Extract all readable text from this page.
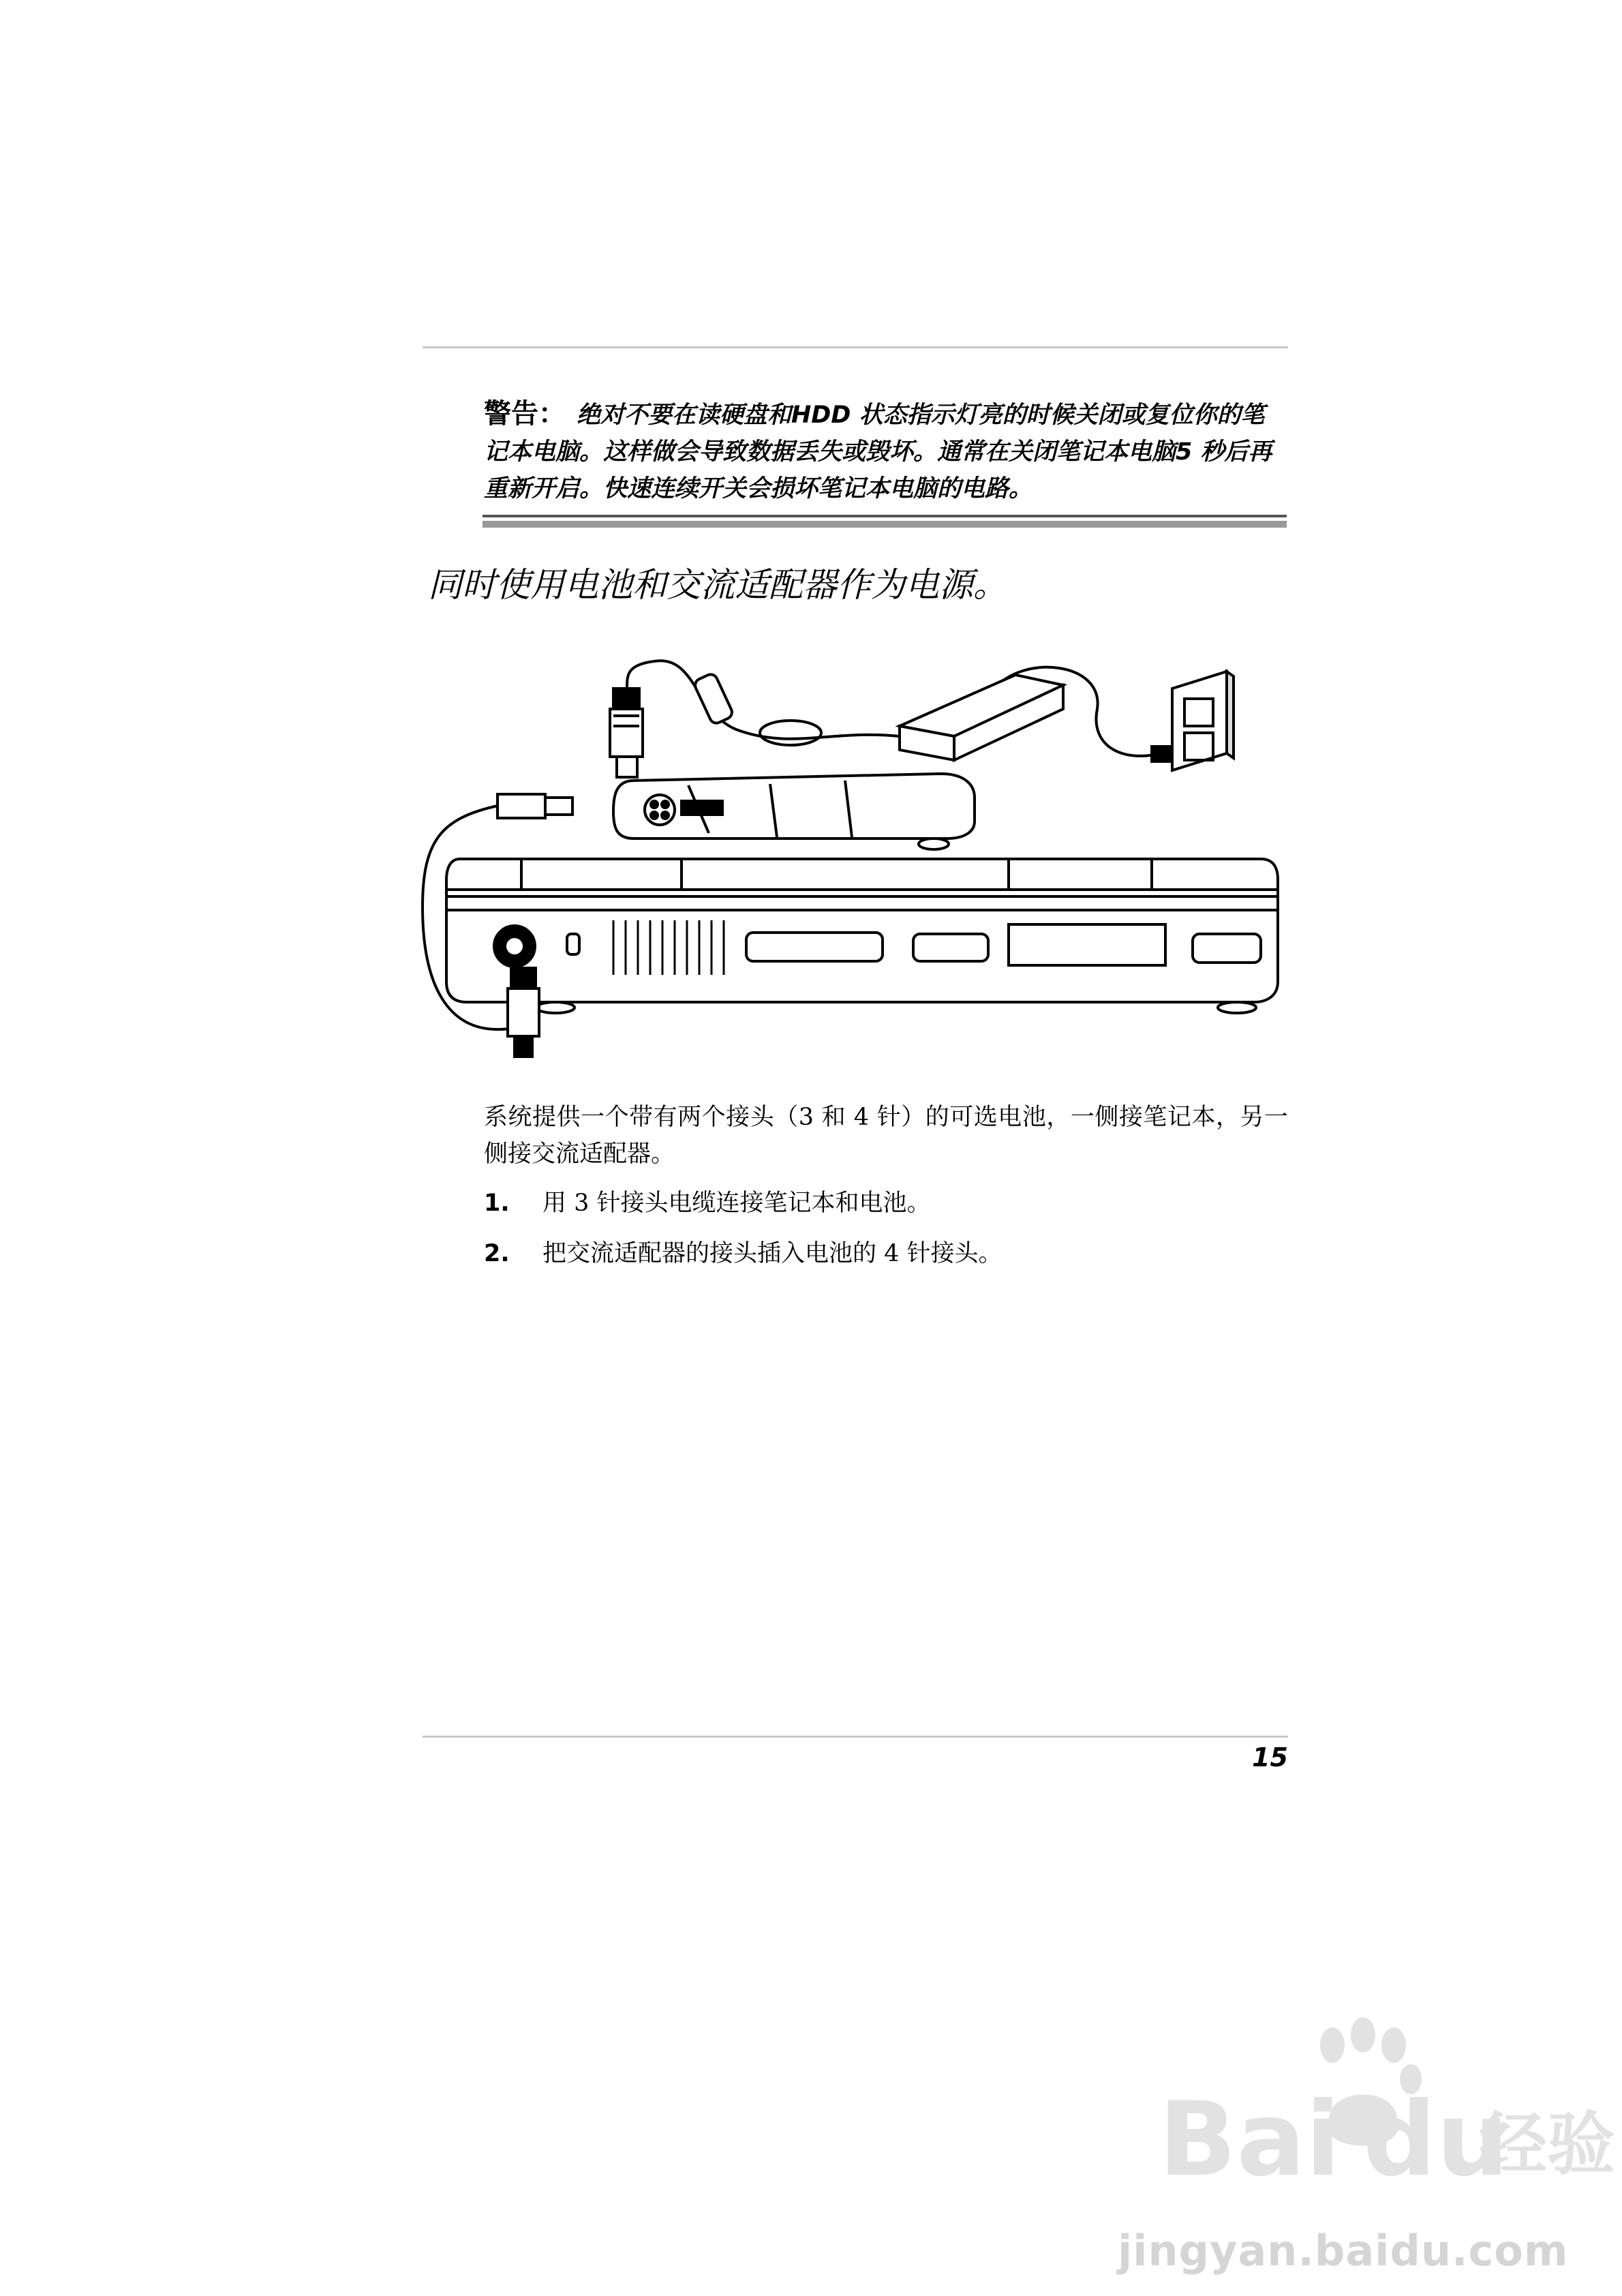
警告： 绝对不要在读硬盘和HDD 状态指示灯亮的时候关闭或复位你的笔记本电脑。这样做会导致数据丢失或毁坏。通常在关闭笔记本电脑5 秒后再重新开启。快速连续开关会损坏笔记本电脑的电路。

同时使用电池和交流适配器作为电源。

系统提供一个带有两个接头（3 和 4 针）的可选电池，一侧接笔记本，另一侧接交流适配器。

1. 用 3 针接头电缆连接笔记本和电池。

2. 把交流适配器的接头插入电池的 4 针接头。

15
Bai du
经验
jingyan.baidu.com
